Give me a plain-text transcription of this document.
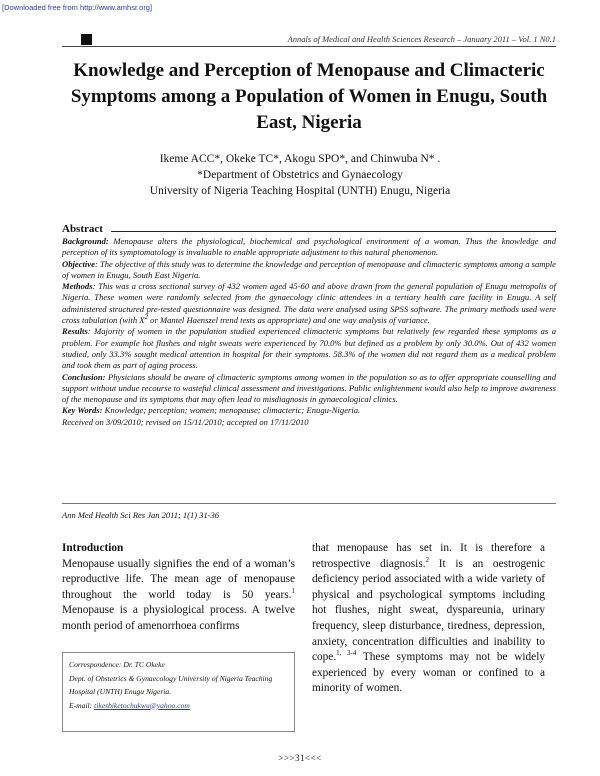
[Downloaded free from http://www.amhsr.org]
Annals of Medical and Health Sciences Research – January 2011 – Vol. 1 N0.1
Knowledge and Perception of Menopause and Climacteric Symptoms among a Population of Women in Enugu, South East, Nigeria
Ikeme ACC*, Okeke TC*, Akogu SPO*, and Chinwuba N* .
*Department of Obstetrics and Gynaecology
University of Nigeria Teaching Hospital (UNTH) Enugu, Nigeria
Abstract

Background: Menopause alters the physiological, biochemical and psychological environment of a woman. Thus the knowledge and perception of its symptomatology is invaluable to enable appropriate adjustment to this natural phenomenon.

Objective: The objective of this study was to determine the knowledge and perception of menopause and climacteric symptoms among a sample of women in Enugu, South East Nigeria.

Methods: This was a cross sectional survey of 432 women aged 45-60 and above drawn from the general population of Enugu metropolis of Nigeria. These women were randomly selected from the gynaecology clinic attendees in a tertiary health care facility in Enugu. A self administered structured pre-tested questionnaire was designed. The data were analysed using SPSS software. The primary methods used were cross tabulation (with $X^2$ or Mantel Haenszel trend tests as appropriate) and one way analysis of variance.

Results: Majority of women in the population studied experienced climacteric symptoms but relatively few regarded these symptoms as a problem. For example hot flushes and night sweats were experienced by 70.0% but defined as a problem by only 30.0%. Out of 432 women studied, only 33.3% sought medical attention in hospital for their symptoms. 58.3% of the women did not regard them as a medical problem and took them as part of aging process.

Conclusion: Physicians should be aware of climacteric symptoms among women in the population so as to offer appropriate counselling and support without undue recourse to wasteful clinical assessment and investigations. Public enlightenment would also help to improve awareness of the menopause and its symptoms that may often lead to misdiagnosis in gynaecological clinics.

Key Words: Knowledge; perception; women; menopause; climacteric; Enugu-Nigeria.

Received on 3/09/2010; revised on 15/11/2010; accepted on 17/11/2010

Ann Med Health Sci Res Jan 2011; 1(1) 31-36
Introduction

Menopause usually signifies the end of a woman’s reproductive life. The mean age of menopause throughout the world today is 50 years.$^1$ Menopause is a physiological process. A twelve month period of amenorrhoea confirms

that menopause has set in. It is therefore a retrospective diagnosis.$^2$ It is an oestrogenic deficiency period associated with a wide variety of physical and psychological symptoms including hot flushes, night sweat, dyspareunia, urinary frequency, sleep disturbance, tiredness, depression, anxiety, concentration difficulties and inability to cope.$^{1, 3-4}$ These symptoms may not be widely experienced by every woman or confined to a minority of women.

Correspondence: Dr. TC Okeke
Dept. of Obstetrics & Gynaecology University of Nigeria Teaching
Hospital (UNTH) Enugu Nigeria.
E-mail: tikesbiketochukwu@yahoo.com
>>>31<<<
